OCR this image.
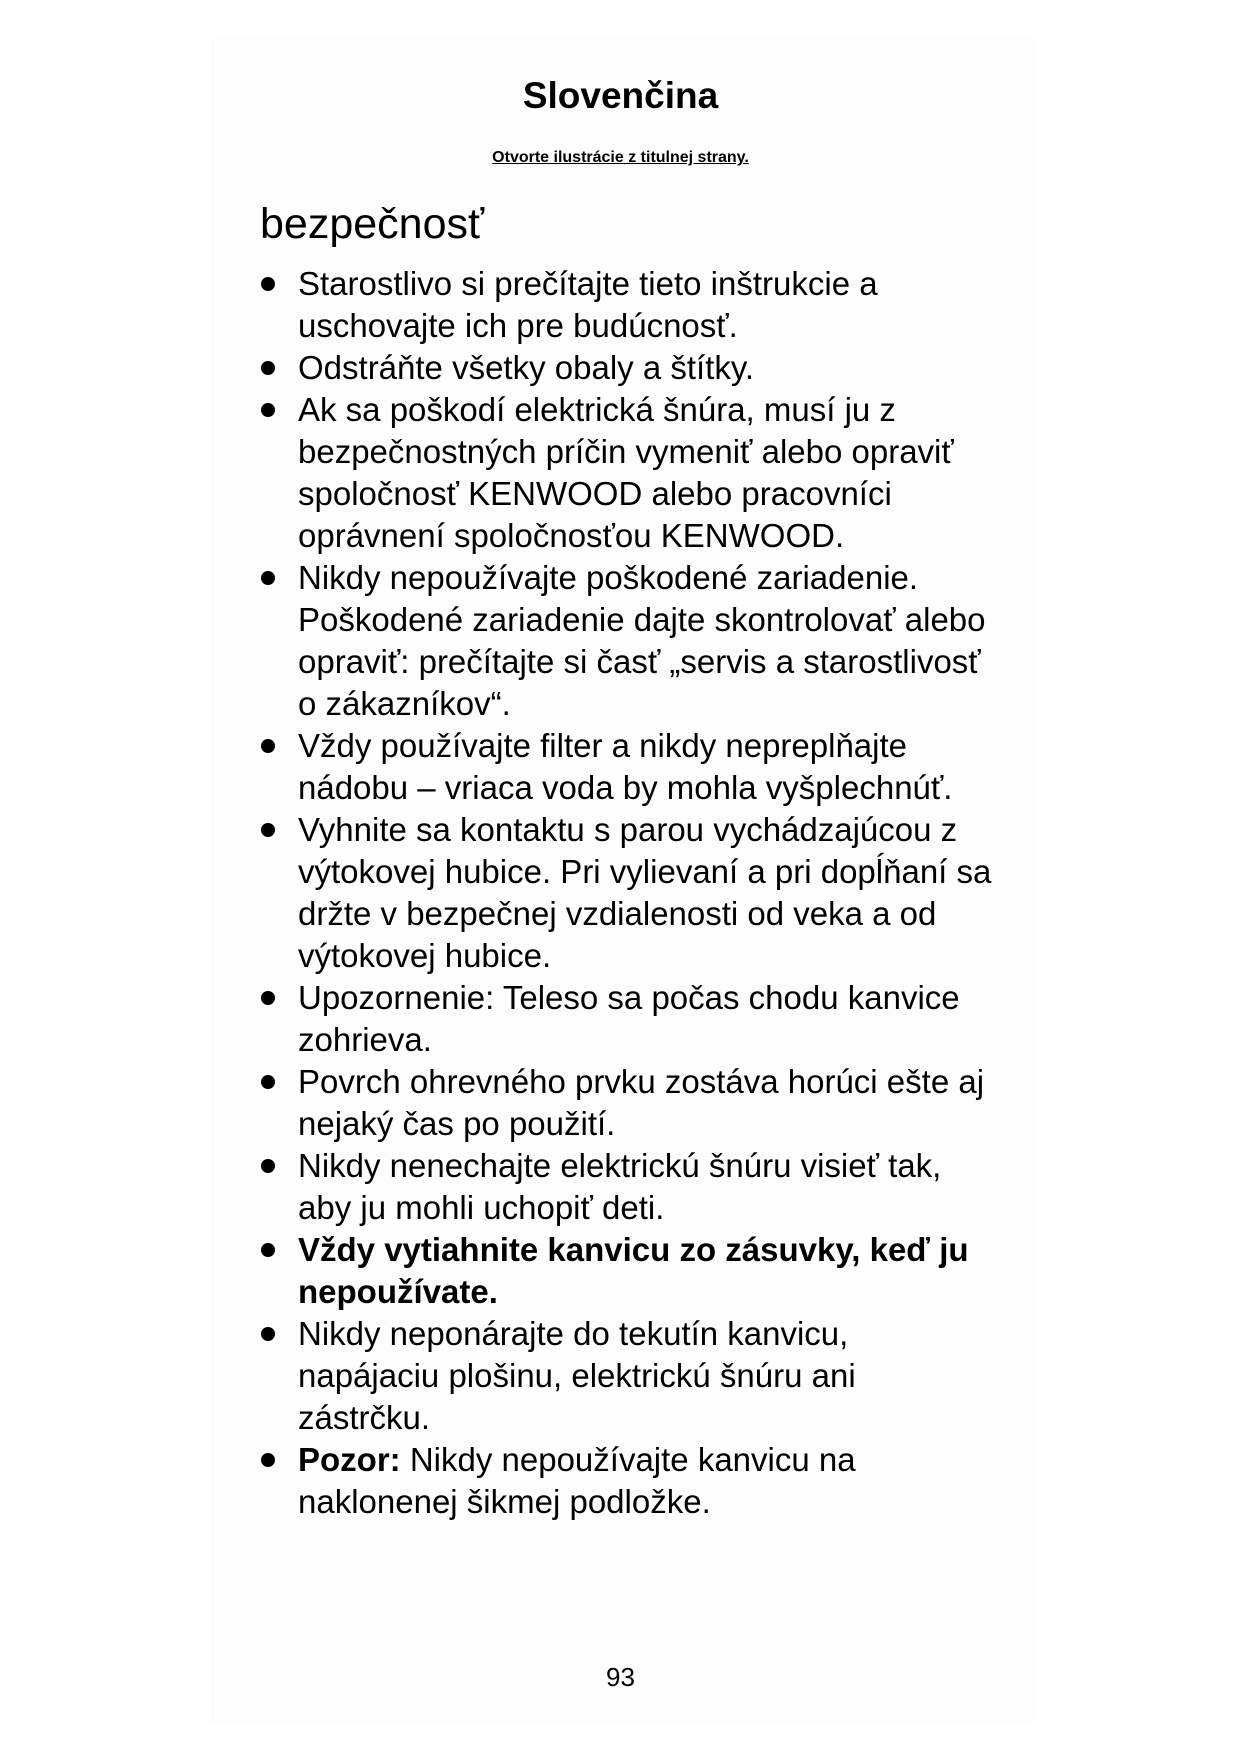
Slovenčina
Otvorte ilustrácie z titulnej strany.
bezpečnosť
Starostlivo si prečítajte tieto inštrukcie a uschovajte ich pre budúcnosť.
Odstráňte všetky obaly a štítky.
Ak sa poškodí elektrická šnúra, musí ju z bezpečnostných príčin vymeniť alebo opraviť spoločnosť KENWOOD alebo pracovníci oprávnení spoločnosťou KENWOOD.
Nikdy nepoužívajte poškodené zariadenie. Poškodené zariadenie dajte skontrolovať alebo opraviť: prečítajte si časť „servis a starostlivosť o zákazníkov“.
Vždy používajte filter a nikdy nepreplňajte nádobu – vriaca voda by mohla vyšplechnúť.
Vyhnite sa kontaktu s parou vychádzajúcou z výtokovej hubice. Pri vylievaní a pri dopĺňaní sa držte v bezpečnej vzdialenosti od veka a od výtokovej hubice.
Upozornenie: Teleso sa počas chodu kanvice zohrieva.
Povrch ohrevného prvku zostáva horúci ešte aj nejaký čas po použití.
Nikdy nenechajte elektrickú šnúru visieť tak, aby ju mohli uchopiť deti.
Vždy vytiahnite kanvicu zo zásuvky, keď ju nepoužívate.
Nikdy neponárajte do tekutín kanvicu, napájaciu plošinu, elektrickú šnúru ani zástrčku.
Pozor: Nikdy nepoužívajte kanvicu na naklonenej šikmej podložke.
93
